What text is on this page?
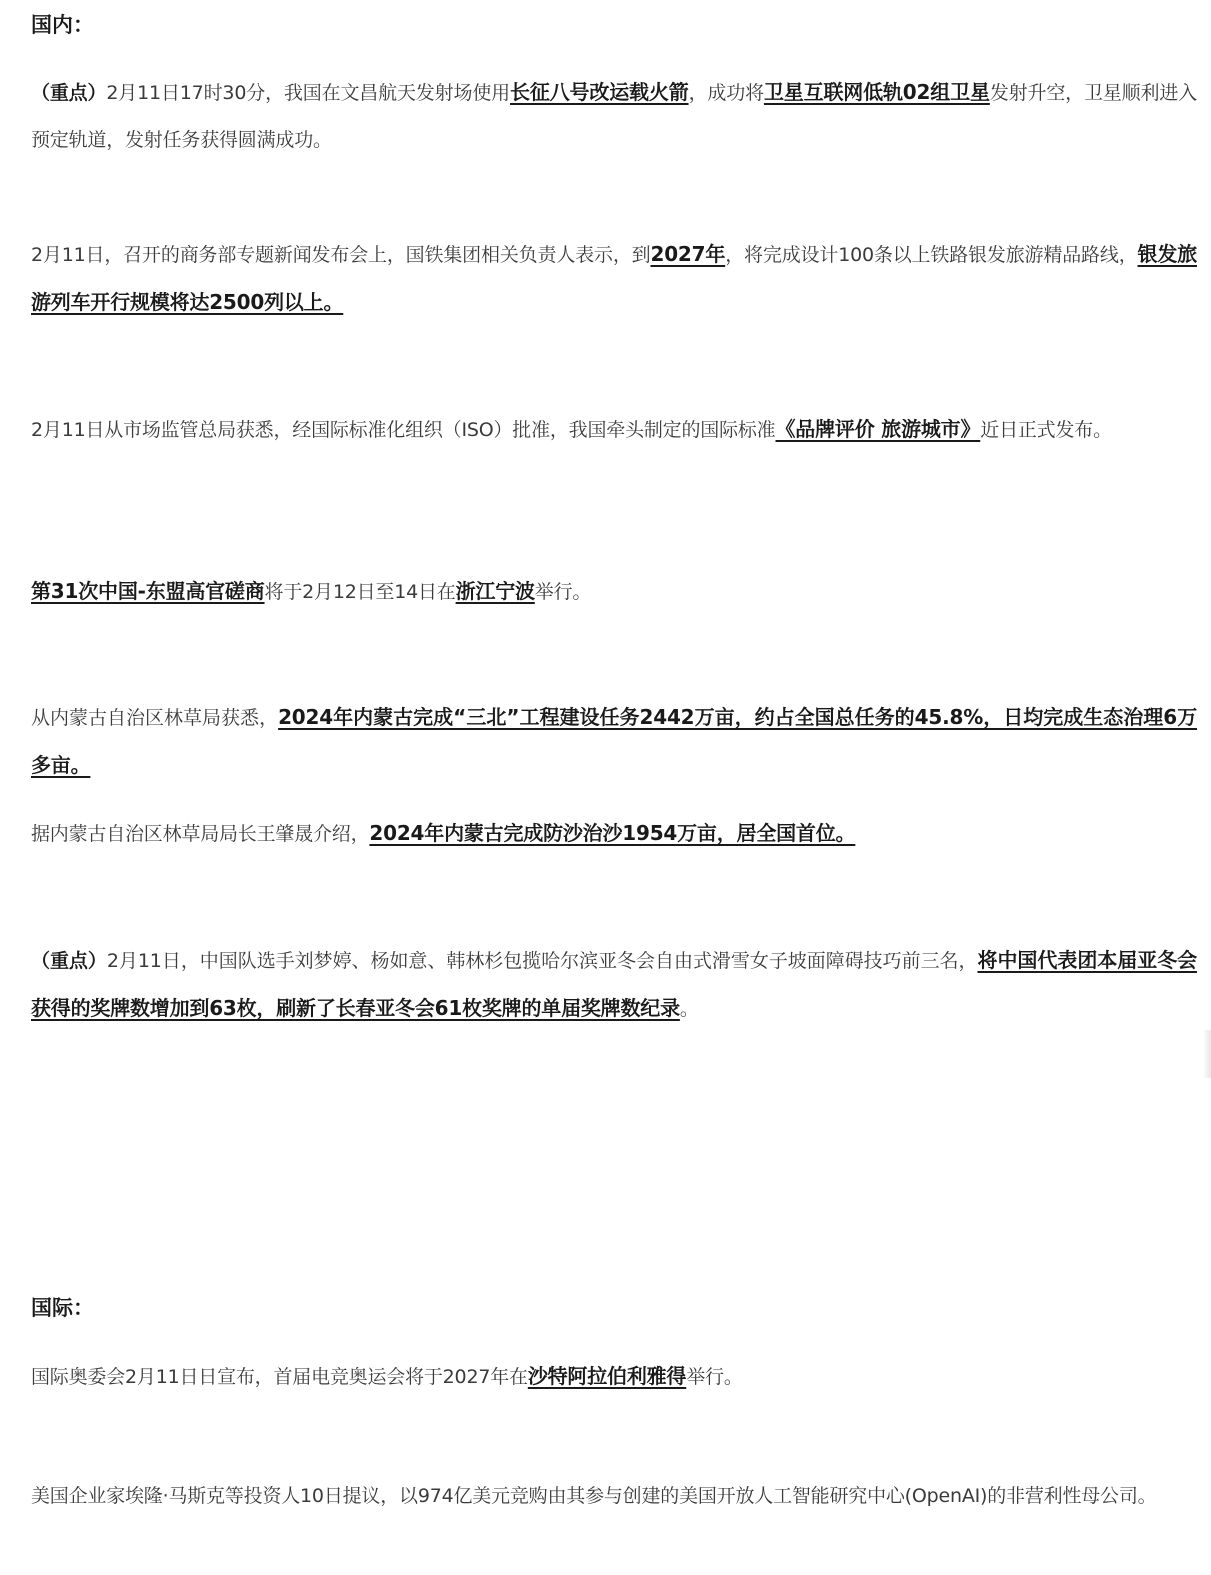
国内：

（重点）2月11日17时30分，我国在文昌航天发射场使用长征八号改运载火箭，成功将卫星互联网低轨02组卫星发射升空，卫星顺利进入预定轨道，发射任务获得圆满成功。

2月11日，召开的商务部专题新闻发布会上，国铁集团相关负责人表示，到2027年，将完成设计100条以上铁路银发旅游精品路线，银发旅游列车开行规模将达2500列以上。

2月11日从市场监管总局获悉，经国际标准化组织（ISO）批准，我国牵头制定的国际标准《品牌评价 旅游城市》近日正式发布。

第31次中国-东盟高官磋商将于2月12日至14日在浙江宁波举行。

从内蒙古自治区林草局获悉，2024年内蒙古完成“三北”工程建设任务2442万亩，约占全国总任务的45.8%，日均完成生态治理6万多亩。

据内蒙古自治区林草局局长王肇晟介绍，2024年内蒙古完成防沙治沙1954万亩，居全国首位。

（重点）2月11日，中国队选手刘梦婷、杨如意、韩林杉包揽哈尔滨亚冬会自由式滑雪女子坡面障碍技巧前三名，将中国代表团本届亚冬会获得的奖牌数增加到63枚，刷新了长春亚冬会61枚奖牌的单届奖牌数纪录。

国际：

国际奥委会2月11日日宣布，首届电竞奥运会将于2027年在沙特阿拉伯利雅得举行。

美国企业家埃隆·马斯克等投资人10日提议，以974亿美元竞购由其参与创建的美国开放人工智能研究中心(OpenAI)的非营利性母公司。
